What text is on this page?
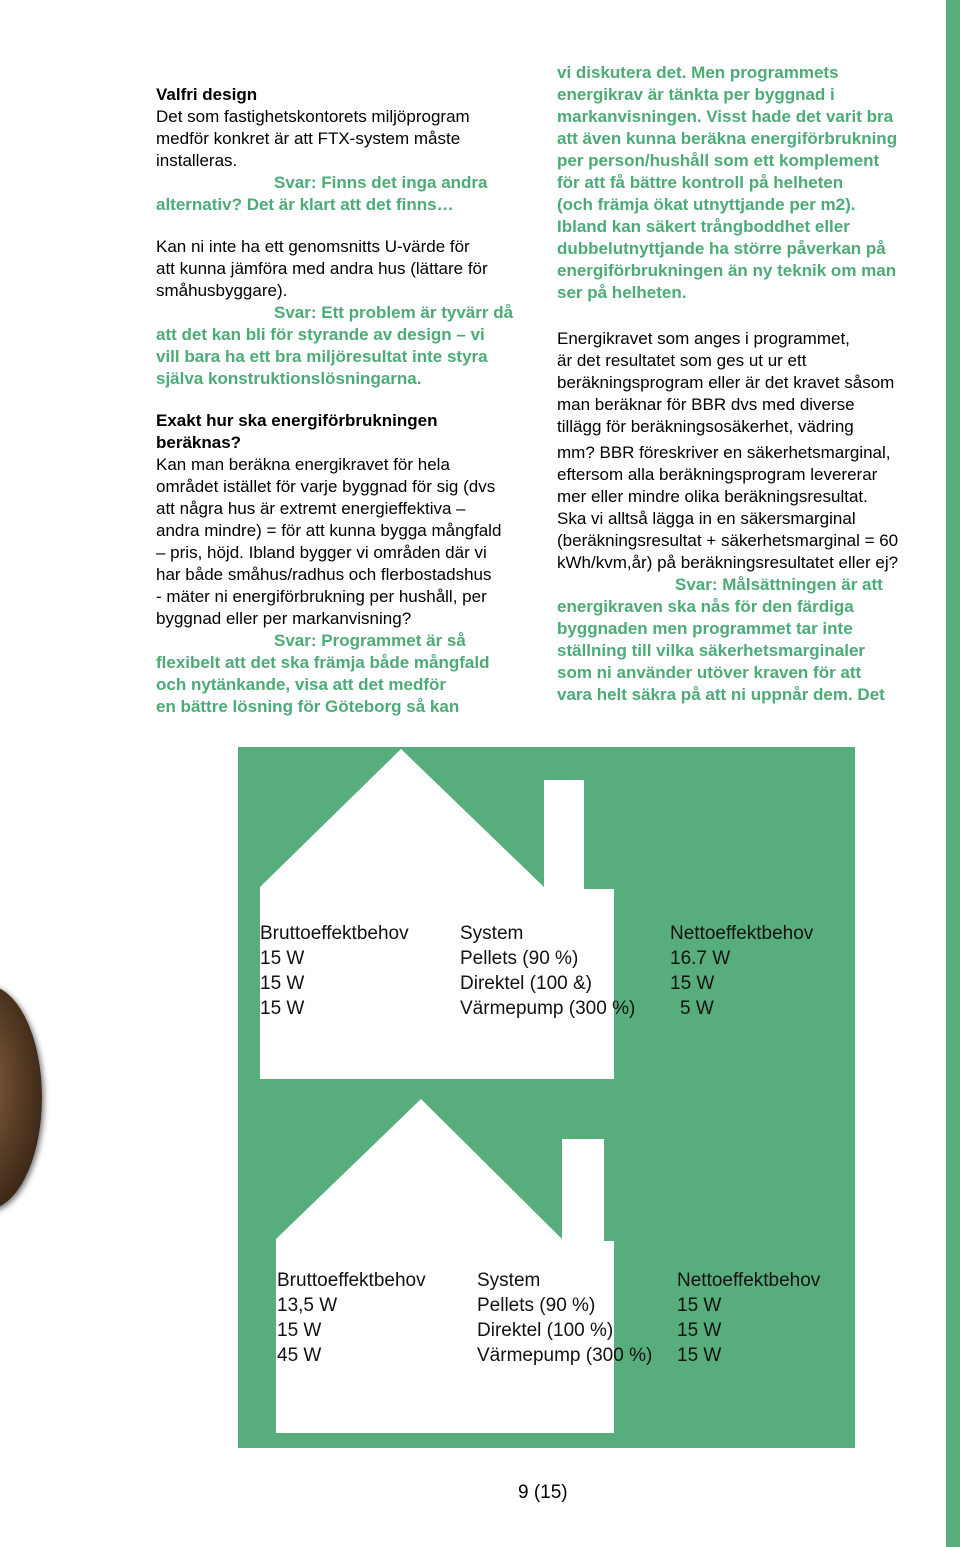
Valfri design

Det som fastighetskontorets miljöprogram

medför konkret är att FTX-system måste

installeras.

Svar: Finns det inga andra

alternativ? Det är klart att det finns…

Kan ni inte ha ett genomsnitts U-värde för

att kunna jämföra med andra hus (lättare för

småhusbyggare).

Svar: Ett problem är tyvärr då

att det kan bli för styrande av design – vi

vill bara ha ett bra miljöresultat inte styra

själva konstruktionslösningarna.

Exakt hur ska energiförbrukningen

beräknas?

Kan man beräkna energikravet för hela

området istället för varje byggnad för sig (dvs

att några hus är extremt energieffektiva –

andra mindre) = för att kunna bygga mångfald

– pris, höjd. Ibland bygger vi områden där vi

har både småhus/radhus och flerbostadshus

- mäter ni energiförbrukning per hushåll, per

byggnad eller per markanvisning?

Svar: Programmet är så

flexibelt att det ska främja både mångfald

och nytänkande, visa att det medför

en bättre lösning för Göteborg så kan

vi diskutera det. Men programmets

energikrav är tänkta per byggnad i

markanvisningen. Visst hade det varit bra

att även kunna beräkna energiförbrukning

per person/hushåll som ett komplement

för att få bättre kontroll på helheten

(och främja ökat utnyttjande per m2).

Ibland kan säkert trångboddhet eller

dubbelutnyttjande ha större påverkan på

energiförbrukningen än ny teknik om man

ser på helheten.

Energikravet som anges i programmet,

är det resultatet som ges ut ur ett

beräkningsprogram eller är det kravet såsom

man beräknar för BBR dvs med diverse

tillägg för beräkningsosäkerhet, vädring

mm? BBR föreskriver en säkerhetsmarginal,

eftersom alla beräkningsprogram levererar

mer eller mindre olika beräkningsresultat.

Ska vi alltså lägga in en säkersmarginal

(beräkningsresultat + säkerhetsmarginal = 60

kWh/kvm,år) på beräkningsresultatet eller ej?

Svar: Målsättningen är att

energikraven ska nås för den färdiga

byggnaden men programmet tar inte

ställning till vilka säkerhetsmarginaler

som ni använder utöver kraven för att

vara helt säkra på att ni uppnår dem. Det

Bruttoeffektbehov
15 W
15 W
15 W
System
Pellets (90 %)
Direktel (100 &)
Värmepump (300 %)
Nettoeffektbehov
16.7 W
15 W
5 W
Bruttoeffektbehov
13,5 W
15 W
45 W
System
Pellets (90 %)
Direktel (100 %)
Värmepump (300 %)
Nettoeffektbehov
15 W
15 W
15 W
9 (15)
